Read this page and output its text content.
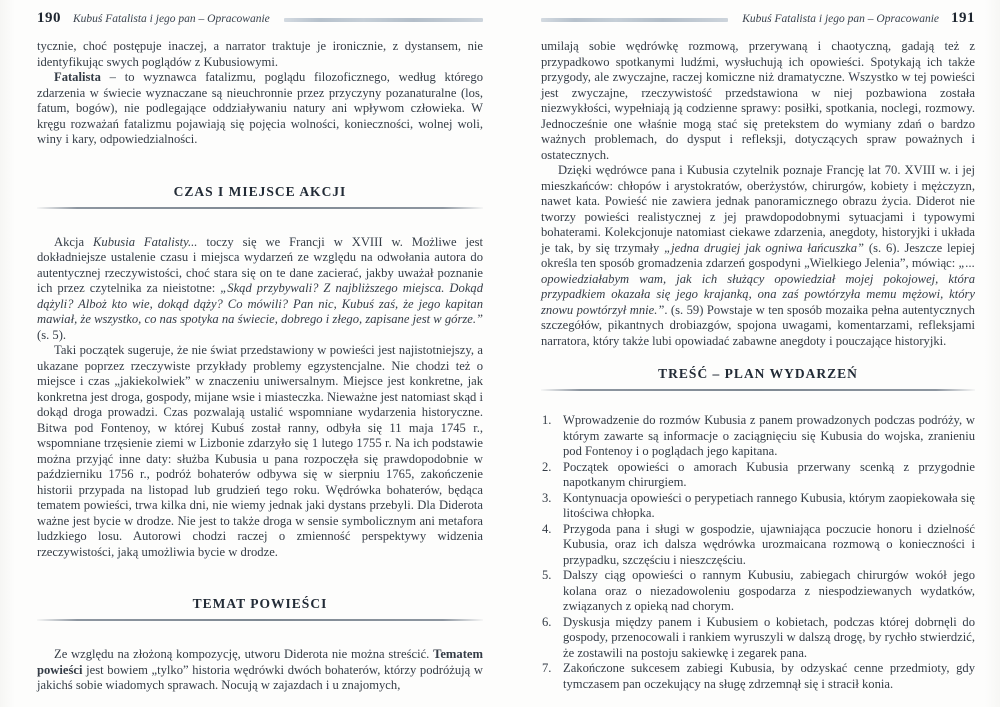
190 Kubuś Fatalista i jego pan – Opracowanie

tycznie, choć postępuje inaczej, a narrator traktuje je ironicznie, z dystansem, nie identyfikując swych poglądów z Kubusiowymi.

Fatalista – to wyznawca fatalizmu, poglądu filozoficznego, według którego zdarzenia w świecie wyznaczane są nieuchronnie przez przyczyny pozanaturalne (los, fatum, bogów), nie podlegające oddziaływaniu natury ani wpływom człowieka. W kręgu rozważań fatalizmu pojawiają się pojęcia wolności, konieczności, wolnej woli, winy i kary, odpowiedzialności.

CZAS I MIEJSCE AKCJI

Akcja Kubusia Fatalisty... toczy się we Francji w XVIII w. Możliwe jest dokładniejsze ustalenie czasu i miejsca wydarzeń ze względu na odwołania autora do autentycznej rzeczywistości, choć stara się on te dane zacierać, jakby uważał poznanie ich przez czytelnika za nieistotne: „Skąd przybywali? Z najbliższego miejsca. Dokąd dążyli? Alboż kto wie, dokąd dąży? Co mówili? Pan nic, Kubuś zaś, że jego kapitan mawiał, że wszystko, co nas spotyka na świecie, dobrego i złego, zapisane jest w górze.” (s. 5).

Taki początek sugeruje, że nie świat przedstawiony w powieści jest najistotniejszy, a ukazane poprzez rzeczywiste przykłady problemy egzystencjalne. Nie chodzi też o miejsce i czas „jakiekolwiek” w znaczeniu uniwersalnym. Miejsce jest konkretne, jak konkretna jest droga, gospody, mijane wsie i miasteczka. Nieważne jest natomiast skąd i dokąd droga prowadzi. Czas pozwalają ustalić wspomniane wydarzenia historyczne. Bitwa pod Fontenoy, w której Kubuś został ranny, odbyła się 11 maja 1745 r., wspomniane trzęsienie ziemi w Lizbonie zdarzyło się 1 lutego 1755 r. Na ich podstawie można przyjąć inne daty: służba Kubusia u pana rozpoczęła się prawdopodobnie w październiku 1756 r., podróż bohaterów odbywa się w sierpniu 1765, zakończenie historii przypada na listopad lub grudzień tego roku. Wędrówka bohaterów, będąca tematem powieści, trwa kilka dni, nie wiemy jednak jaki dystans przebyli. Dla Diderota ważne jest bycie w drodze. Nie jest to także droga w sensie symbolicznym ani metafora ludzkiego losu. Autorowi chodzi raczej o zmienność perspektywy widzenia rzeczywistości, jaką umożliwia bycie w drodze.

TEMAT POWIEŚCI

Ze względu na złożoną kompozycję, utworu Diderota nie można streścić. Tematem powieści jest bowiem „tylko” historia wędrówki dwóch bohaterów, którzy podróżują w jakichś sobie wiadomych sprawach. Nocują w zajazdach i u znajomych,

Kubuś Fatalista i jego pan – Opracowanie 191

umilają sobie wędrówkę rozmową, przerywaną i chaotyczną, gadają też z przypadkowo spotkanymi ludźmi, wysłuchują ich opowieści. Spotykają ich także przygody, ale zwyczajne, raczej komiczne niż dramatyczne. Wszystko w tej powieści jest zwyczajne, rzeczywistość przedstawiona w niej pozbawiona została niezwykłości, wypełniają ją codzienne sprawy: posiłki, spotkania, noclegi, rozmowy. Jednocześnie one właśnie mogą stać się pretekstem do wymiany zdań o bardzo ważnych problemach, do dysput i refleksji, dotyczących spraw poważnych i ostatecznych.

Dzięki wędrówce pana i Kubusia czytelnik poznaje Francję lat 70. XVIII w. i jej mieszkańców: chłopów i arystokratów, oberżystów, chirurgów, kobiety i mężczyzn, nawet kata. Powieść nie zawiera jednak panoramicznego obrazu życia. Diderot nie tworzy powieści realistycznej z jej prawdopodobnymi sytuacjami i typowymi bohaterami. Kolekcjonuje natomiast ciekawe zdarzenia, anegdoty, historyjki i układa je tak, by się trzymały „jedna drugiej jak ogniwa łańcuszka” (s. 6). Jeszcze lepiej określa ten sposób gromadzenia zdarzeń gospodyni „Wielkiego Jelenia”, mówiąc: „... opowiedziałabym wam, jak ich służący opowiedział mojej pokojowej, która przypadkiem okazała się jego krajanką, ona zaś powtórzyła memu mężowi, który znowu powtórzył mnie.”. (s. 59) Powstaje w ten sposób mozaika pełna autentycznych szczegółów, pikantnych drobiazgów, spojona uwagami, komentarzami, refleksjami narratora, który także lubi opowiadać zabawne anegdoty i pouczające historyjki.

TREŚĆ – PLAN WYDARZEŃ
Wprowadzenie do rozmów Kubusia z panem prowadzonych podczas podróży, w którym zawarte są informacje o zaciągnięciu się Kubusia do wojska, zranieniu pod Fontenoy i o poglądach jego kapitana.
Początek opowieści o amorach Kubusia przerwany scenką z przygodnie napotkanym chirurgiem.
Kontynuacja opowieści o perypetiach rannego Kubusia, którym zaopiekowała się litościwa chłopka.
Przygoda pana i sługi w gospodzie, ujawniająca poczucie honoru i dzielność Kubusia, oraz ich dalsza wędrówka urozmaicana rozmową o konieczności i przypadku, szczęściu i nieszczęściu.
Dalszy ciąg opowieści o rannym Kubusiu, zabiegach chirurgów wokół jego kolana oraz o niezadowoleniu gospodarza z niespodziewanych wydatków, związanych z opieką nad chorym.
Dyskusja między panem i Kubusiem o kobietach, podczas której dobrnęli do gospody, przenocowali i rankiem wyruszyli w dalszą drogę, by rychło stwierdzić, że zostawili na postoju sakiewkę i zegarek pana.
Zakończone sukcesem zabiegi Kubusia, by odzyskać cenne przedmioty, gdy tymczasem pan oczekujący na sługę zdrzemnął się i stracił konia.
